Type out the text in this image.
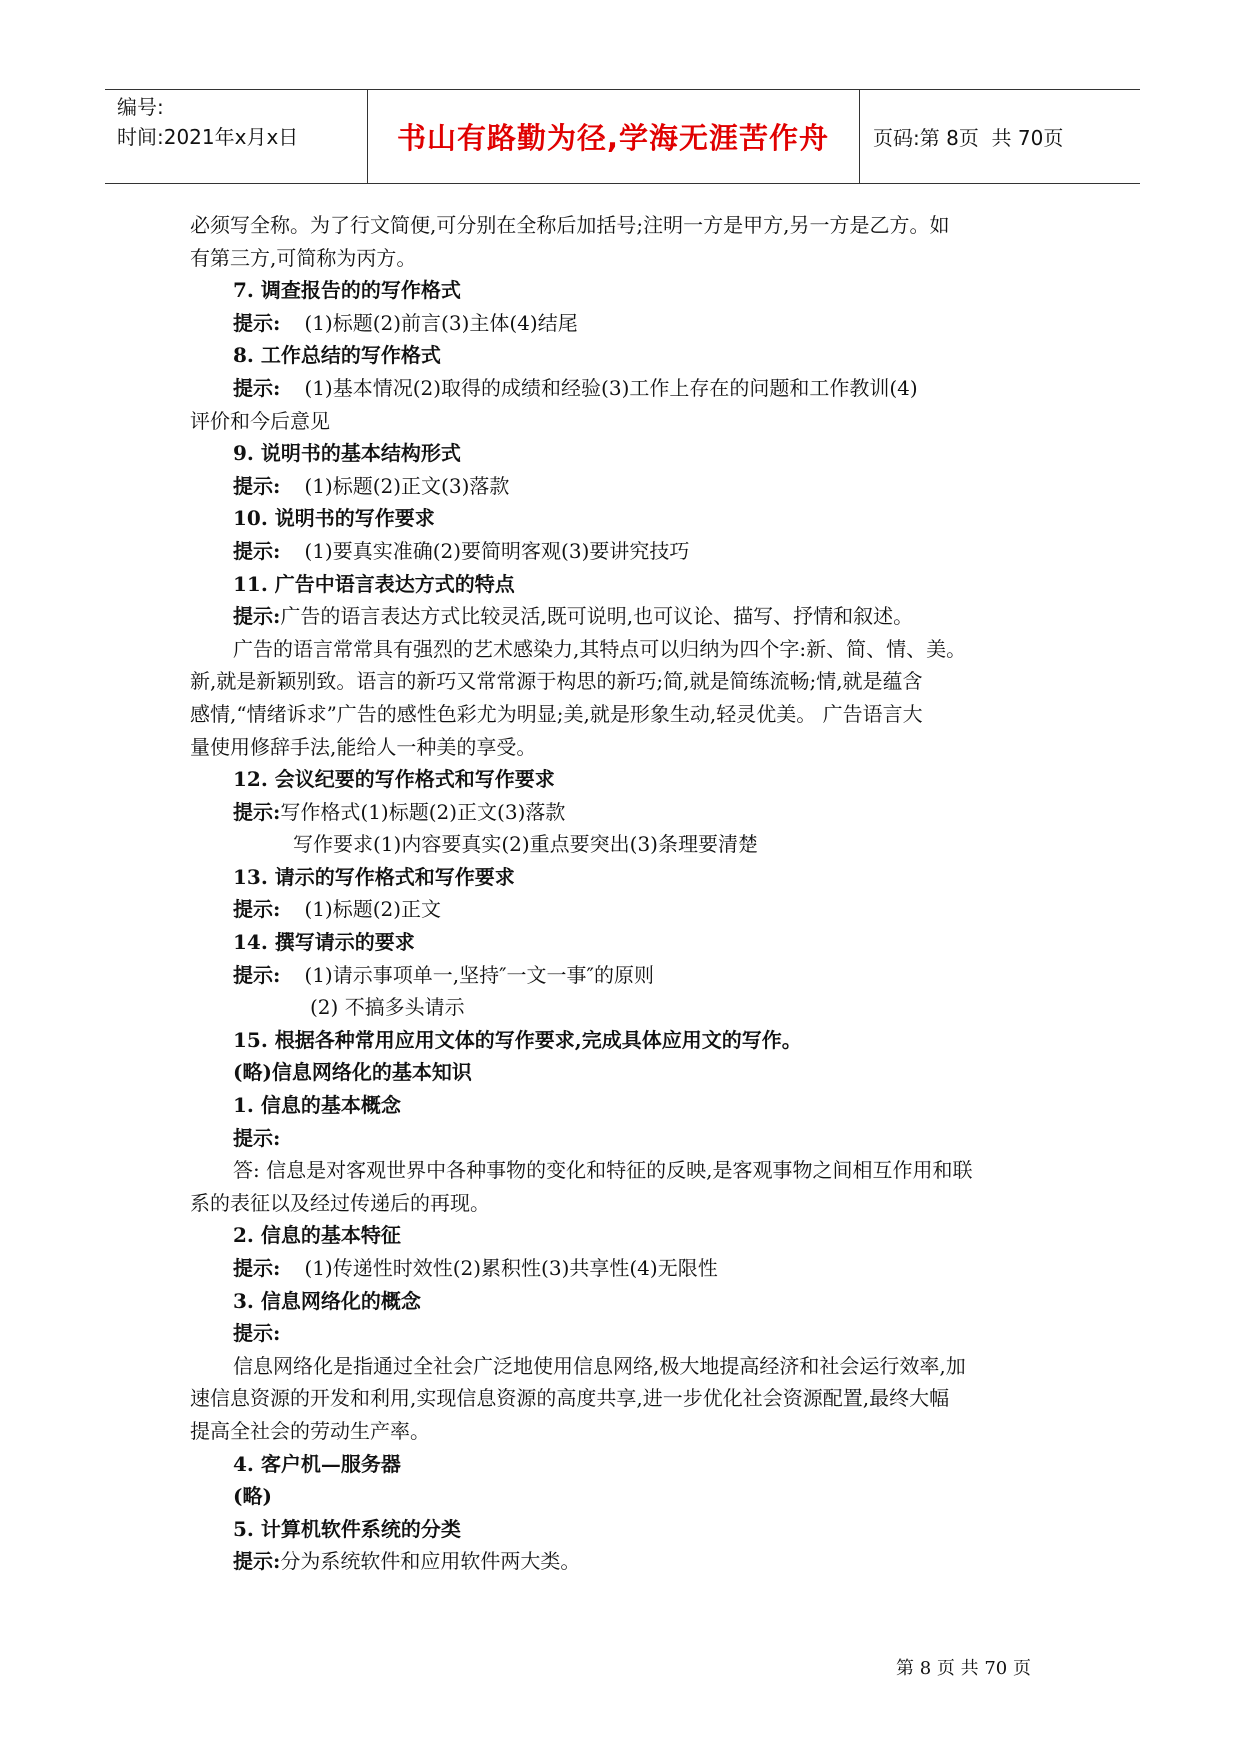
编号:
时间:2021年x月x日	书山有路勤为径,学海无涯苦作舟	页码:第 8页  共 70页
必须写全称。为了行文简便,可分别在全称后加括号;注明一方是甲方,另一方是乙方。如
有第三方,可简称为丙方。
7. 调查报告的的写作格式
提示: (1)标题(2)前言(3)主体(4)结尾
8. 工作总结的写作格式
提示: (1)基本情况(2)取得的成绩和经验(3)工作上存在的问题和工作教训(4)
评价和今后意见
9. 说明书的基本结构形式
提示: (1)标题(2)正文(3)落款
10. 说明书的写作要求
提示: (1)要真实准确(2)要简明客观(3)要讲究技巧
11. 广告中语言表达方式的特点
提示:广告的语言表达方式比较灵活,既可说明,也可议论、描写、抒情和叙述。
广告的语言常常具有强烈的艺术感染力,其特点可以归纳为四个字:新、简、情、美。
新,就是新颖别致。语言的新巧又常常源于构思的新巧;简,就是简练流畅;情,就是蕴含
感情,“情绪诉求”广告的感性色彩尤为明显;美,就是形象生动,轻灵优美。 广告语言大
量使用修辞手法,能给人一种美的享受。
12. 会议纪要的写作格式和写作要求
提示:写作格式(1)标题(2)正文(3)落款
写作要求(1)内容要真实(2)重点要突出(3)条理要清楚
13. 请示的写作格式和写作要求
提示: (1)标题(2)正文
14. 撰写请示的要求
提示: (1)请示事项单一,坚持″一文一事″的原则
(2) 不搞多头请示
15. 根据各种常用应用文体的写作要求,完成具体应用文的写作。
(略)信息网络化的基本知识
1. 信息的基本概念
提示:
答: 信息是对客观世界中各种事物的变化和特征的反映,是客观事物之间相互作用和联
系的表征以及经过传递后的再现。
2. 信息的基本特征
提示: (1)传递性时效性(2)累积性(3)共享性(4)无限性
3. 信息网络化的概念
提示:
信息网络化是指通过全社会广泛地使用信息网络,极大地提高经济和社会运行效率,加
速信息资源的开发和利用,实现信息资源的高度共享,进一步优化社会资源配置,最终大幅
提高全社会的劳动生产率。
4. 客户机—服务器
(略)
5. 计算机软件系统的分类
提示:分为系统软件和应用软件两大类。
第 8 页 共 70 页
